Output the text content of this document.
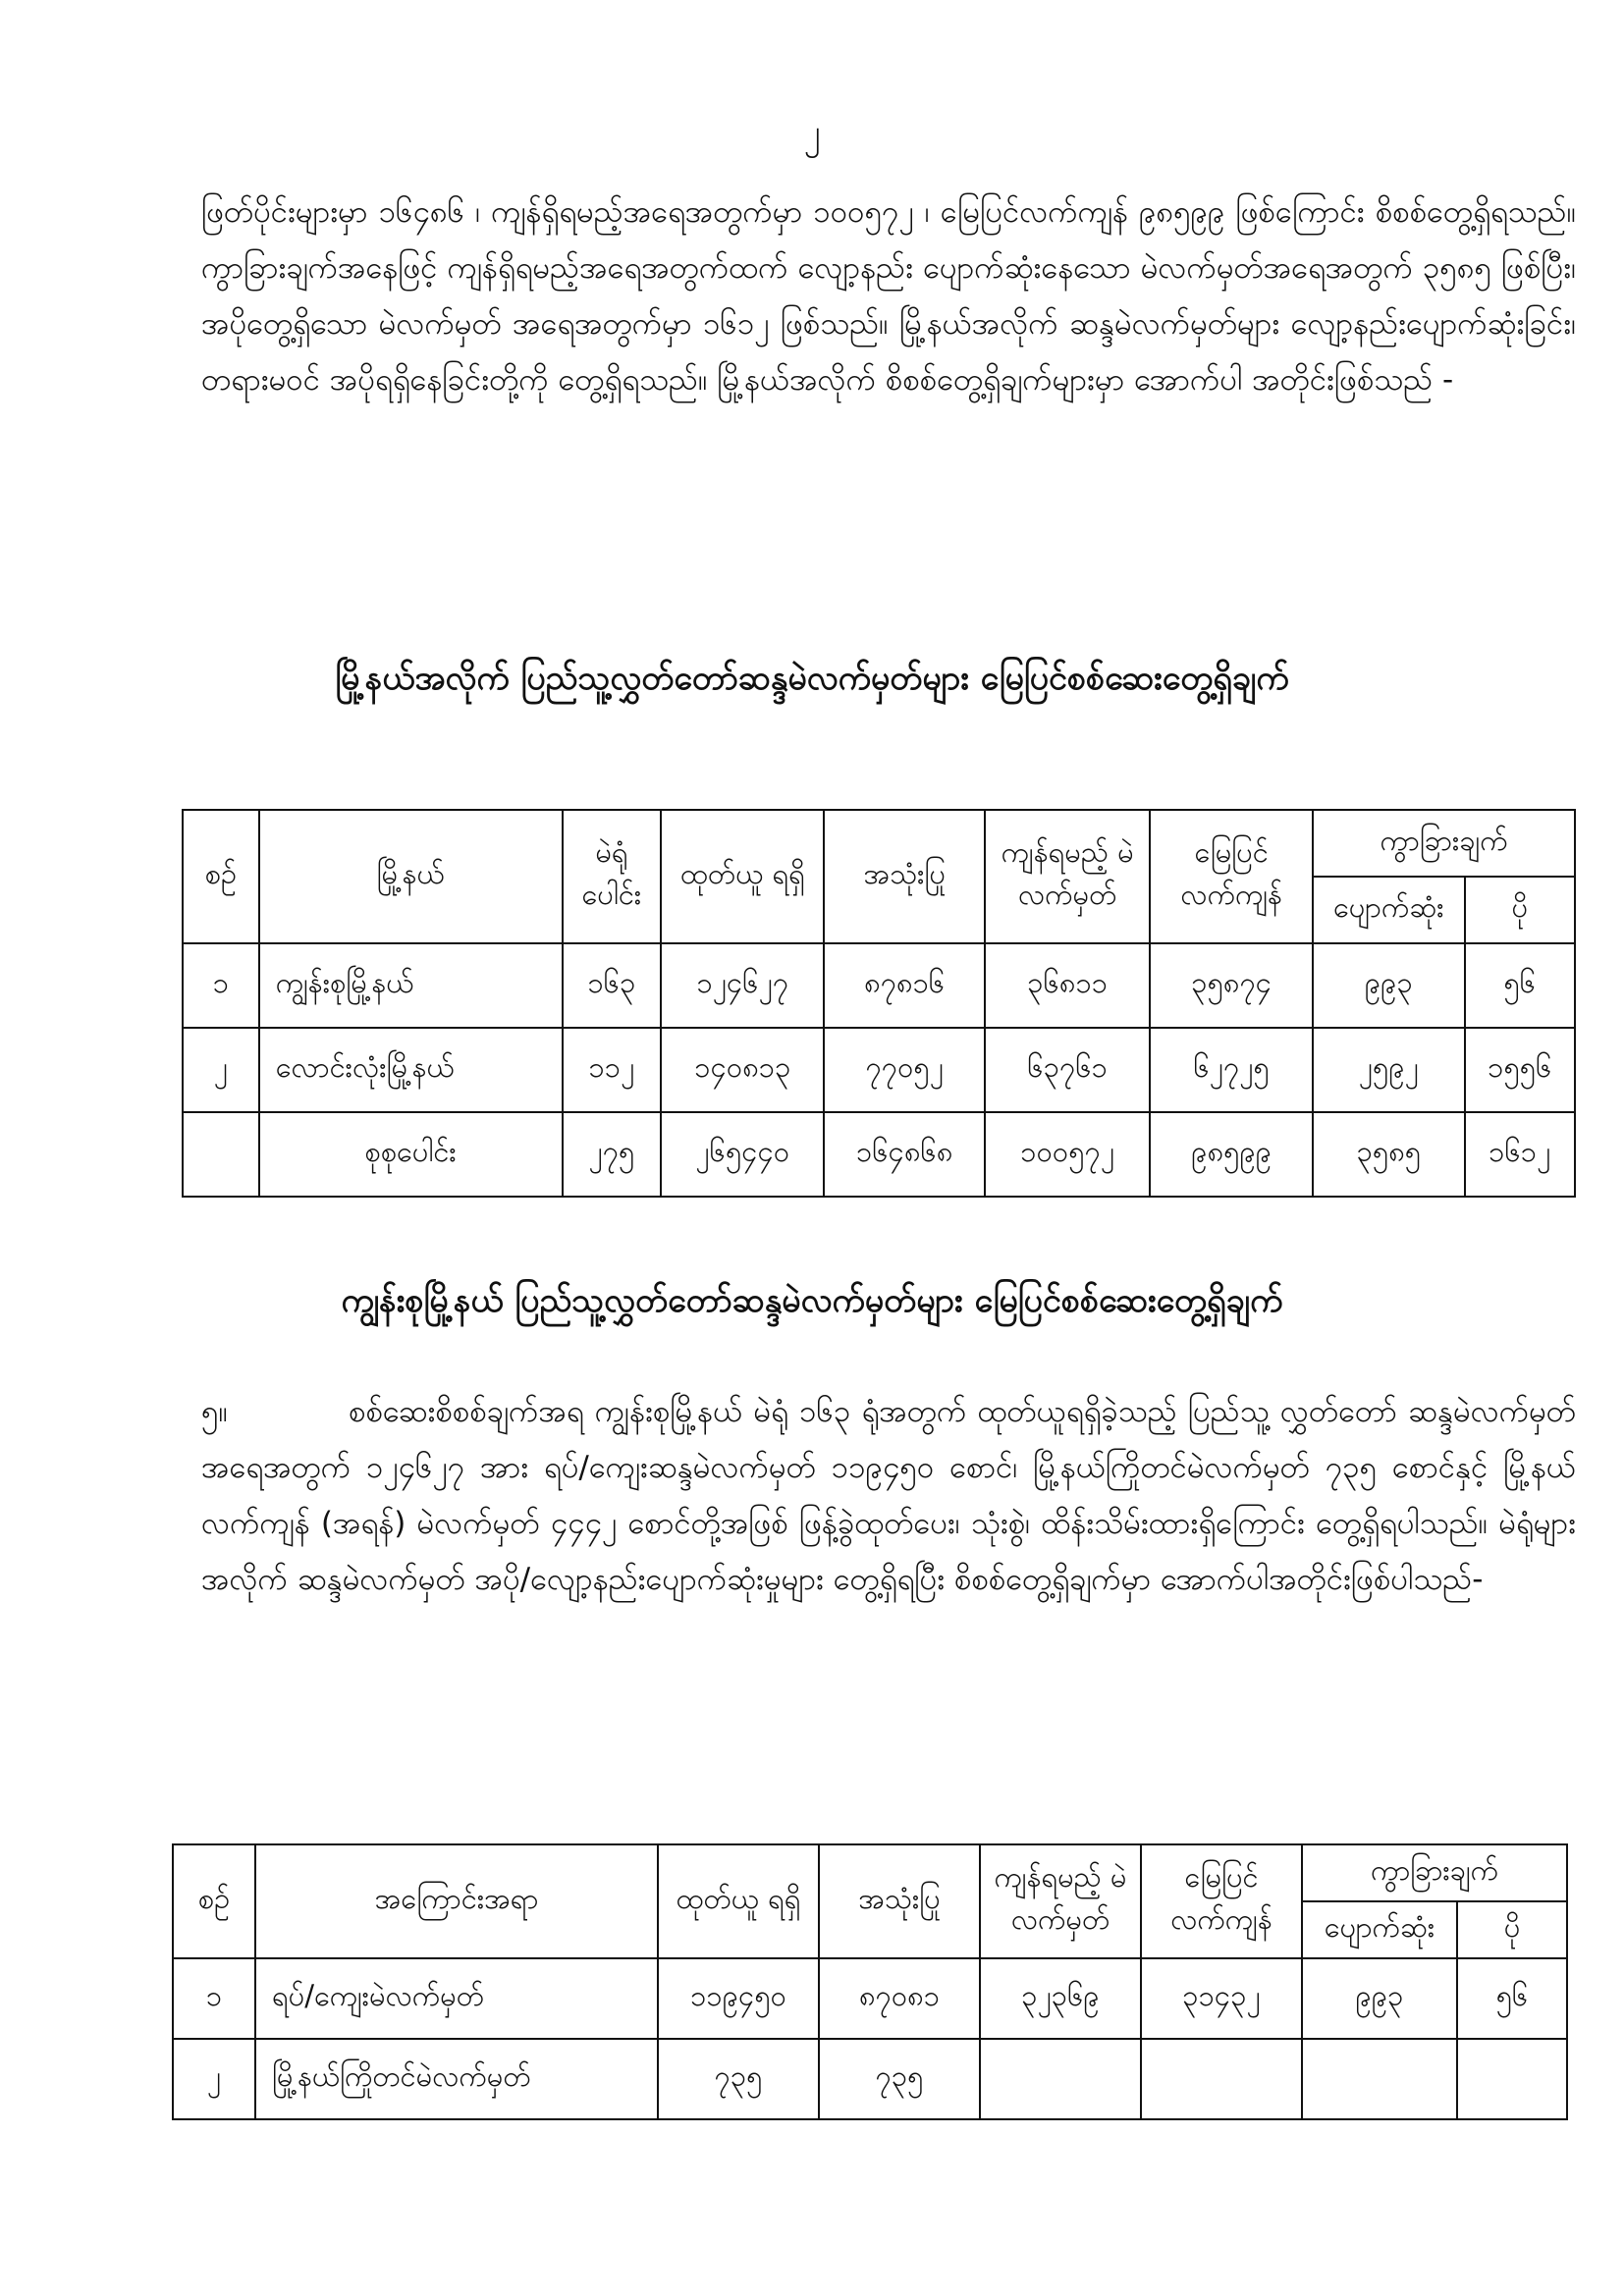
၂

ဖြတ်ပိုင်းများမှာ ၁၆၄၈၆ ၊ ကျန်ရှိရမည့်အရေအတွက်မှာ ၁၀၀၅၇၂ ၊ မြေပြင်လက်ကျန် ၉၈၅၉၉ ဖြစ်ကြောင်း စိစစ်တွေ့ရှိရသည်။ ကွာခြားချက်အနေဖြင့် ကျန်ရှိရမည့်အရေအတွက်ထက် လျော့နည်း ပျောက်ဆုံးနေသော မဲလက်မှတ်အရေအတွက် ၃၅၈၅ ဖြစ်ပြီး၊ အပိုတွေ့ရှိသော မဲလက်မှတ် အရေအတွက်မှာ ၁၆၁၂ ဖြစ်သည်။ မြို့နယ်အလိုက် ဆန္ဒမဲလက်မှတ်များ လျော့နည်းပျောက်ဆုံးခြင်း၊ တရားမဝင် အပိုရရှိနေခြင်းတို့ကို တွေ့ရှိရသည်။ မြို့နယ်အလိုက် စိစစ်တွေ့ရှိချက်များမှာ အောက်ပါ အတိုင်းဖြစ်သည် -

မြို့နယ်အလိုက် ပြည်သူ့လွှတ်တော်ဆန္ဒမဲလက်မှတ်များ မြေပြင်စစ်ဆေးတွေ့ရှိချက်
စဉ်	မြို့နယ်	မဲရုံ ပေါင်း	ထုတ်ယူ ရရှိ	အသုံးပြု	ကျန်ရမည့် မဲလက်မှတ်	မြေပြင် လက်ကျန်	ကွာခြားချက်	
							ပျောက်ဆုံး	ပို
၁	ကျွန်းစုမြို့နယ်	၁၆၃	၁၂၄၆၂၇	၈၇၈၁၆	၃၆၈၁၁	၃၅၈၇၄	၉၉၃	၅၆
၂	လောင်းလုံးမြို့နယ်	၁၁၂	၁၄၀၈၁၃	၇၇၀၅၂	၆၃၇၆၁	၆၂၇၂၅	၂၅၉၂	၁၅၅၆
	စုစုပေါင်း	၂၇၅	၂၆၅၄၄၀	၁၆၄၈၆၈	၁၀၀၅၇၂	၉၈၅၉၉	၃၅၈၅	၁၆၁၂
ကျွန်းစုမြို့နယ် ပြည်သူ့လွှတ်တော်ဆန္ဒမဲလက်မှတ်များ မြေပြင်စစ်ဆေးတွေ့ရှိချက်

၅။	စစ်ဆေးစိစစ်ချက်အရ ကျွန်းစုမြို့နယ် မဲရုံ ၁၆၃ ရုံအတွက် ထုတ်ယူရရှိခဲ့သည့် ပြည်သူ့ လွှတ်တော် ဆန္ဒမဲလက်မှတ်အရေအတွက် ၁၂၄၆၂၇ အား ရပ်/ကျေးဆန္ဒမဲလက်မှတ် ၁၁၉၄၅၀ စောင်၊ မြို့နယ်ကြိုတင်မဲလက်မှတ် ၇၃၅ စောင်နှင့် မြို့နယ်လက်ကျန် (အရန်) မဲလက်မှတ် ၄၄၄၂ စောင်တို့အဖြစ် ဖြန့်ခွဲထုတ်ပေး၊ သုံးစွဲ၊ ထိန်းသိမ်းထားရှိကြောင်း တွေ့ရှိရပါသည်။ မဲရုံများအလိုက် ဆန္ဒမဲလက်မှတ် အပို/လျော့နည်းပျောက်ဆုံးမှုများ တွေ့ရှိရပြီး စိစစ်တွေ့ရှိချက်မှာ အောက်ပါအတိုင်းဖြစ်ပါသည်-

စဉ်	အကြောင်းအရာ	ထုတ်ယူ ရရှိ	အသုံးပြု	ကျန်ရမည့် မဲလက်မှတ်	မြေပြင် လက်ကျန်	ကွာခြားချက်	
						ပျောက်ဆုံး	ပို
၁	ရပ်/ကျေးမဲလက်မှတ်	၁၁၉၄၅၀	၈၇၀၈၁	၃၂၃၆၉	၃၁၄၃၂	၉၉၃	၅၆
၂	မြို့နယ်ကြိုတင်မဲလက်မှတ်	၇၃၅	၇၃၅				
